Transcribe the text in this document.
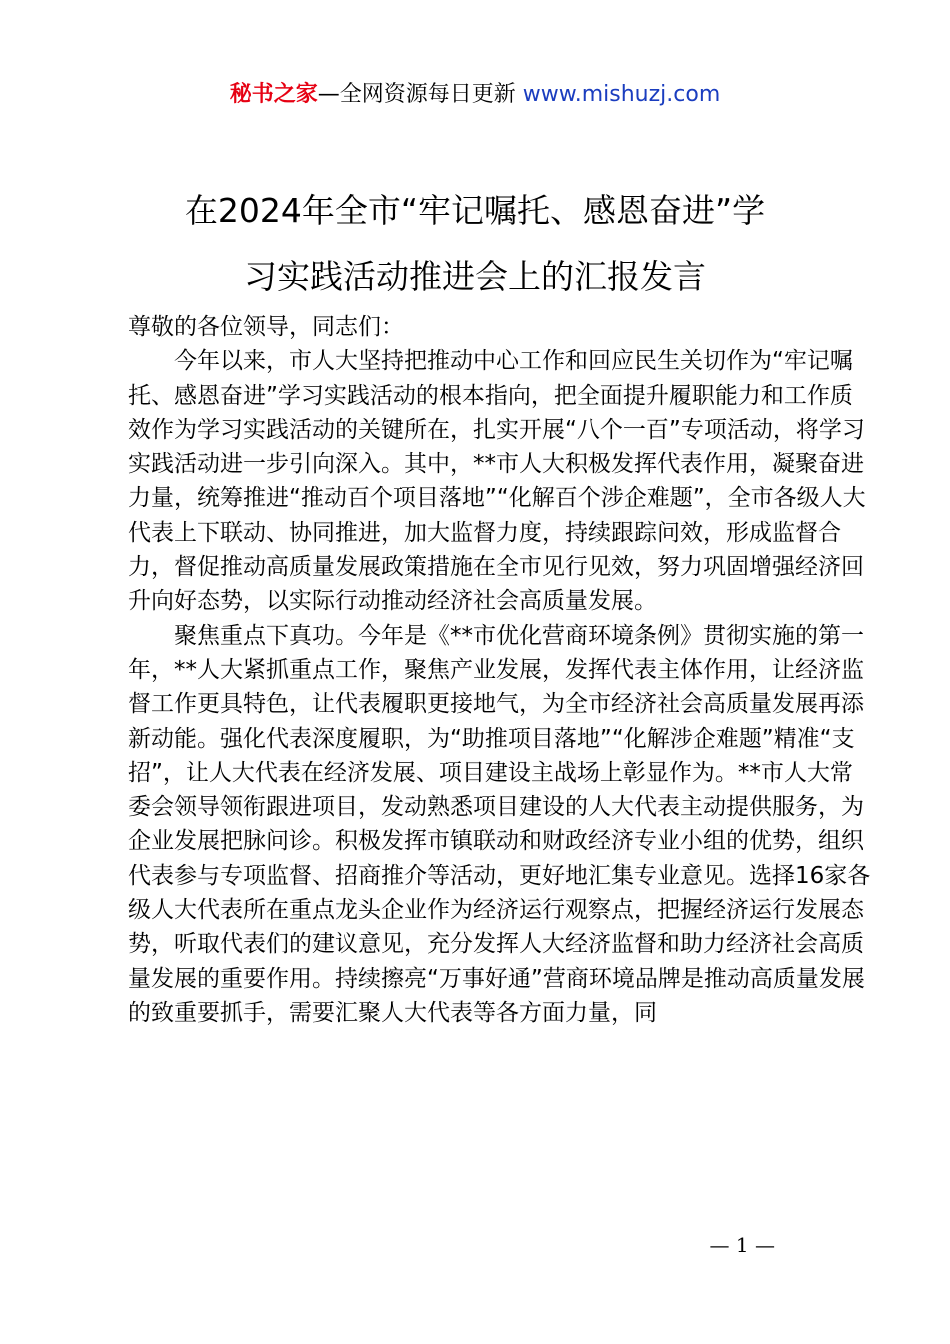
秘书之家—全网资源每日更新 www.mishuzj.com
在2024年全市“牢记嘱托、感恩奋进”学
习实践活动推进会上的汇报发言

尊敬的各位领导，同志们：

今年以来，市人大坚持把推动中心工作和回应民生关切作为“牢记嘱托、感恩奋进”学习实践活动的根本指向，把全面提升履职能力和工作质效作为学习实践活动的关键所在，扎实开展“八个一百”专项活动，将学习实践活动进一步引向深入。其中，**市人大积极发挥代表作用，凝聚奋进力量，统筹推进“推动百个项目落地”“化解百个涉企难题”，全市各级人大代表上下联动、协同推进，加大监督力度，持续跟踪问效，形成监督合力，督促推动高质量发展政策措施在全市见行见效，努力巩固增强经济回升向好态势，以实际行动推动经济社会高质量发展。

聚焦重点下真功。今年是《**市优化营商环境条例》贯彻实施的第一年，**人大紧抓重点工作，聚焦产业发展，发挥代表主体作用，让经济监督工作更具特色，让代表履职更接地气，为全市经济社会高质量发展再添新动能。强化代表深度履职，为“助推项目落地”“化解涉企难题”精准“支招”，让人大代表在经济发展、项目建设主战场上彰显作为。**市人大常委会领导领衔跟进项目，发动熟悉项目建设的人大代表主动提供服务，为企业发展把脉问诊。积极发挥市镇联动和财政经济专业小组的优势，组织代表参与专项监督、招商推介等活动，更好地汇集专业意见。选择16家各级人大代表所在重点龙头企业作为经济运行观察点，把握经济运行发展态势，听取代表们的建议意见，充分发挥人大经济监督和助力经济社会高质量发展的重要作用。持续擦亮“万事好通”营商环境品牌是推动高质量发展的致重要抓手，需要汇聚人大代表等各方面力量，同

— 1 —
